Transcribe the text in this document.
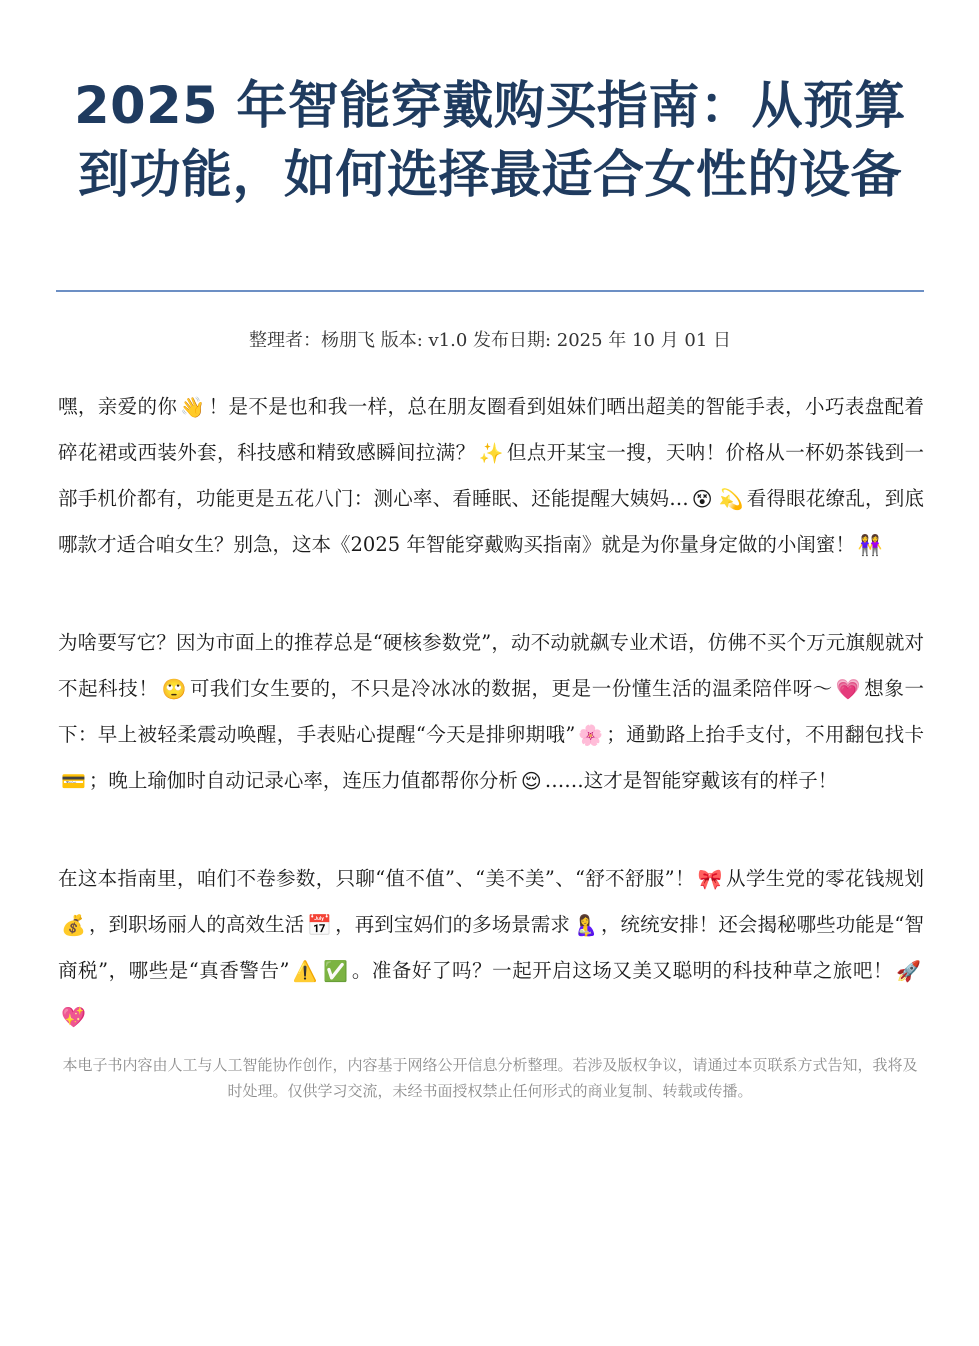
2025 年智能穿戴购买指南：从预算到功能，如何选择最适合女性的设备
整理者：杨朋飞 版本: v1.0 发布日期: 2025 年 10 月 01 日

嘿，亲爱的你 👋 ！是不是也和我一样，总在朋友圈看到姐妹们晒出超美的智能手表，小巧表盘配着碎花裙或西装外套，科技感和精致感瞬间拉满？ ✨ 但点开某宝一搜，天呐！价格从一杯奶茶钱到一部手机价都有，功能更是五花八门：测心率、看睡眠、还能提醒大姨妈… 😵 💫 看得眼花缭乱，到底哪款才适合咱女生？别急，这本《2025 年智能穿戴购买指南》就是为你量身定做的小闺蜜！ 👭

为啥要写它？因为市面上的推荐总是“硬核参数党”，动不动就飙专业术语，仿佛不买个万元旗舰就对不起科技！ 🙄 可我们女生要的，不只是冷冰冰的数据，更是一份懂生活的温柔陪伴呀～ 💗 想象一下：早上被轻柔震动唤醒，手表贴心提醒“今天是排卵期哦” 🌸 ；通勤路上抬手支付，不用翻包找卡💳 ；晚上瑜伽时自动记录心率，连压力值都帮你分析 😌 ……这才是智能穿戴该有的样子！

在这本指南里，咱们不卷参数，只聊“值不值”、“美不美”、“舒不舒服”！ 🎀 从学生党的零花钱规划💰 ，到职场丽人的高效生活 📅 ，再到宝妈们的多场景需求 🤱 ，统统安排！还会揭秘哪些功能是“智商税”，哪些是“真香警告” ⚠️ ✅ 。准备好了吗？一起开启这场又美又聪明的科技种草之旅吧！ 🚀💖

本电子书内容由人工与人工智能协作创作，内容基于网络公开信息分析整理。若涉及版权争议，请通过本页联系方式告知，我将及时处理。仅供学习交流，未经书面授权禁止任何形式的商业复制、转载或传播。
